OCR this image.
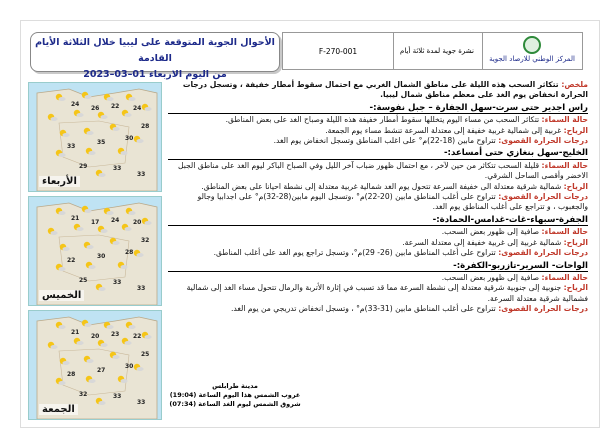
الأحوال الجوية المتوقعة على ليبيا خلال الثلاثة الأيام القادمة
من اليوم الاربعاء 01–03–2023
F-270-001	نشرة جوية لمدة ثلاثة أيام
المركز الوطني للارصاد الجوية
24
26 22 24
33
35
30
28
29	33
33
الأربعاء
21
17 24 20
22
30
28
32
25	33
33
الخميس
21
20 23 22
28
27
30
25
32	33
33
الجمعة

ملخص: تتكاثر السحب هذه الليلة على مناطق الشمال الغربي مع احتمال سقوط أمطار خفيفة ، وتسجل درجات الحرارة انخفاض يوم الغد على معظم مناطق شمال ليبيا.

راس اجدير حتى سرت-سهل الجفارة – جبل نفوسة:-

حالة السماء: تتكاثر السحب من مساء اليوم يتخللها سقوط أمطار خفيفة هذه الليلة وصباح الغد على بعض المناطق.

الرياح: غربية إلى شمالية غربية خفيفة إلى معتدلة السرعة تنشط مساء يوم الجمعة.

درجات الحرارة القصوى: تتراوح مابين (18-22)م° على اغلب المناطق وتسجل انخفاض يوم الغد.

الخليج-سهل بنغازي حتى أمساعد:-

حالة السماء: قليلة السحب تتكاثر من حين لآخر ، مع احتمال ظهور ضباب آخر الليل وفي الصباح الباكر ليوم الغد على مناطق الجبل الاخضر وأقصى الساحل الشرقي.

الرياح: شمالية شرقية معتدلة الى خفيفة السرعة تتحول يوم الغد شمالية غربية معتدلة إلى نشطة احيانا على بعض المناطق.

درجات الحرارة القصوى: تتراوح على أغلب المناطق مابين (20-22)م° ،وتسجل اليوم مابين(28-32)م° على اجدابيا وجالو والجغبوب ، و تتراجع على أغلب المناطق يوم الغد.

الجفرة-سبهاء-غات-غدامس-الحمادة:-

حالة السماء: صافية إلى ظهور بعض السحب.

الرياح: شمالية غربية إلى غربية خفيفة إلى معتدلة السرعة.

درجات الحرارة القصوى: تتراوح على أغلب المناطق مابين (26- 29)م°، وتسجل تراجع يوم الغد على أغلب المناطق.

الواحات- السرير-تازربو-الكفرة:-

حالة السماء: صافية إلى ظهور بعض السحب.

الرياح: جنوبية إلى جنوبية شرقية معتدلة إلى نشطة السرعة مما قد تسبب في إثارة الأتربة والرمال تتحول مساء الغد إلى شمالية فشمالية شرقية معتدلة السرعة.

درجات الحرارة القصوى: تتراوح على أغلب المناطق مابين (31-33)م° ، وتسجل انخفاض تدريجي من يوم الغد.

مدينة طرابلس
غروب الشمس هذا اليوم الساعة (19:04)
شروق الشمس ليوم الغد الساعة (07:34)
